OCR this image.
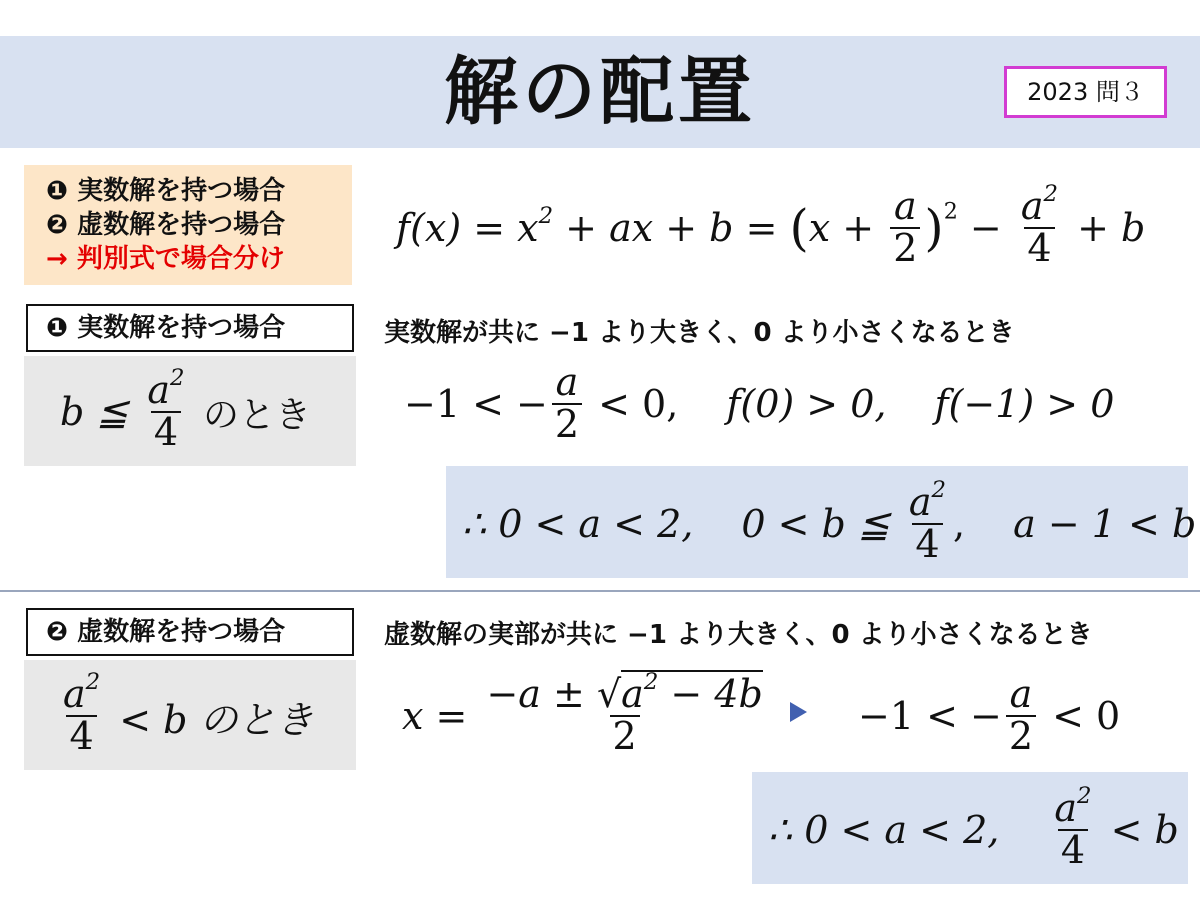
解の配置	2023 問３
❶ 実数解を持つ場合
❷ 虚数解を持つ場合
→ 判別式で場合分け
$f(x) = x^2$ + ax + b = ( $x + \frac{a}{2} )^2 - \frac{a^2}{4} + b$
❶ 実数解を持つ場合
b ≦ $\frac{a^2}{4}$ のとき
実数解が共に −1 より大きく、0 より小さくなるとき
−1 < − $\frac{a}{2} < 0$, f(0) > 0, f(−1) > 0
∴ 0 < a < 2, 0 < b ≦ $\frac{a^2}{4}$ , a − 1 < b
❷ 虚数解を持つ場合
$\frac{a^2}{4} < b$ のとき
虚数解の実部が共に −1 より大きく、0 より小さくなるとき
$x = \frac{-a \pm √a^2 - 4b}{2} -1$ < − $\frac{a}{2} < 0$
∴ 0 < a < 2, $\frac{a^2}{4} < b$
